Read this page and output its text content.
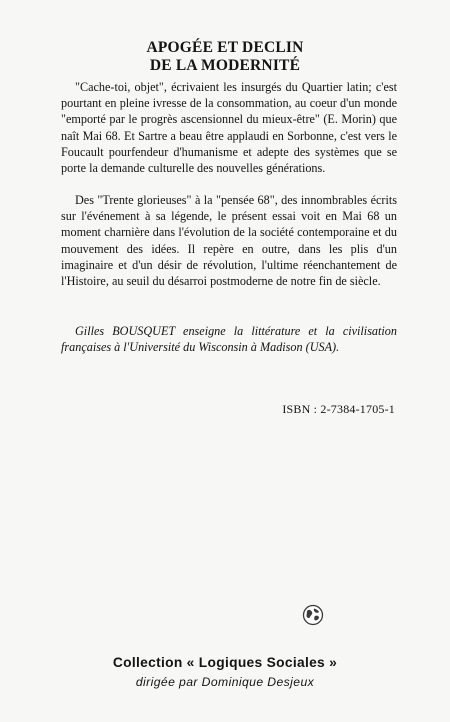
APOGÉE ET DECLIN
DE LA MODERNITÉ
"Cache-toi, objet", écrivaient les insurgés du Quartier latin; c'est pourtant en pleine ivresse de la consommation, au coeur d'un monde "emporté par le progrès ascensionnel du mieux-être" (E. Morin) que naît Mai 68. Et Sartre a beau être applaudi en Sorbonne, c'est vers le Foucault pourfendeur d'humanisme et adepte des systèmes que se porte la demande culturelle des nouvelles générations.
Des "Trente glorieuses" à la "pensée 68", des innombrables écrits sur l'événement à sa légende, le présent essai voit en Mai 68 un moment charnière dans l'évolution de la société contemporaine et du mouvement des idées. Il repère en outre, dans les plis d'un imaginaire et d'un désir de révolution, l'ultime réenchantement de l'Histoire, au seuil du désarroi postmoderne de notre fin de siècle.
Gilles BOUSQUET enseigne la littérature et la civilisation françaises à l'Université du Wisconsin à Madison (USA).
ISBN : 2-7384-1705-1
Collection « Logiques Sociales »
dirigée par Dominique Desjeux
